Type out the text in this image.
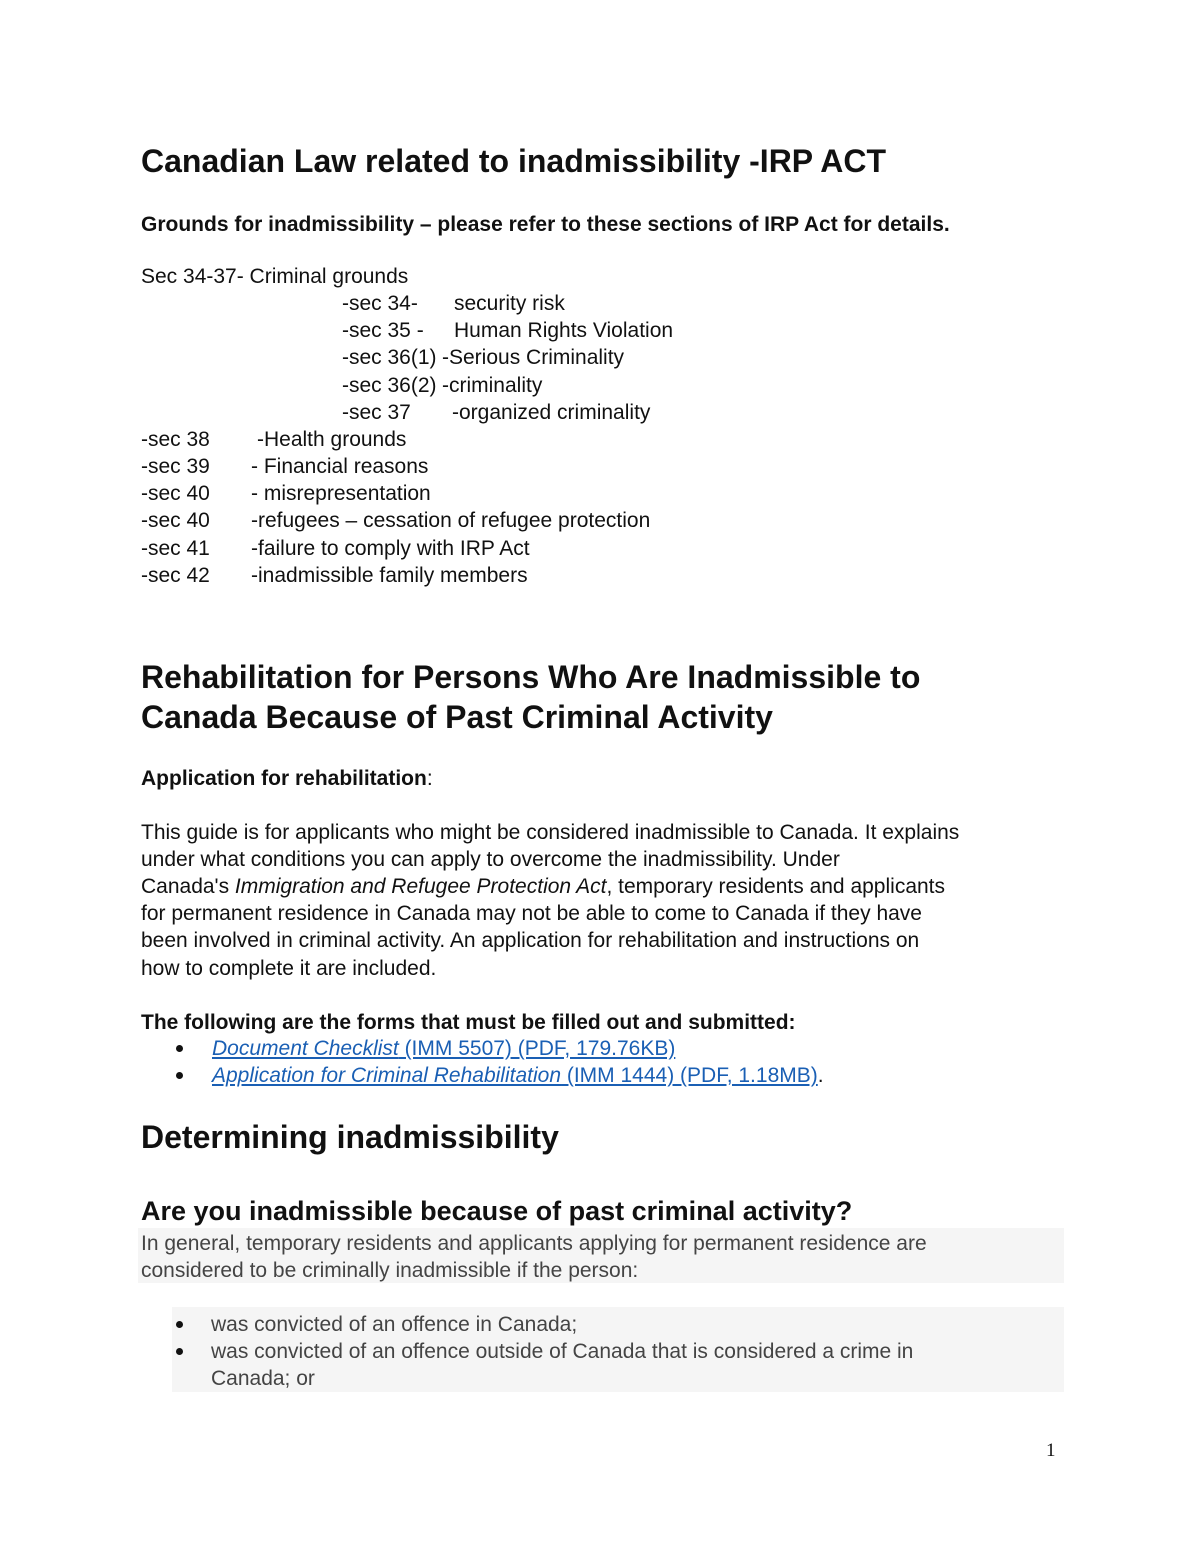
Canadian Law related to inadmissibility -IRP ACT
Grounds for inadmissibility – please refer to these sections of IRP Act for details.
Sec 34-37- Criminal grounds
-sec 34- security risk
-sec 35 - Human Rights Violation
-sec 36(1) -Serious Criminality
-sec 36(2) -criminality
-sec 37 -organized criminality
-sec 38 -Health grounds
-sec 39 - Financial reasons
-sec 40 - misrepresentation
-sec 40 -refugees – cessation of refugee protection
-sec 41 -failure to comply with IRP Act
-sec 42 -inadmissible family members
Rehabilitation for Persons Who Are Inadmissible to
Canada Because of Past Criminal Activity
Application for rehabilitation:
This guide is for applicants who might be considered inadmissible to Canada. It explains
under what conditions you can apply to overcome the inadmissibility. Under
Canada's Immigration and Refugee Protection Act, temporary residents and applicants
for permanent residence in Canada may not be able to come to Canada if they have
been involved in criminal activity. An application for rehabilitation and instructions on
how to complete it are included.
The following are the forms that must be filled out and submitted:
Document Checklist (IMM 5507) (PDF, 179.76KB)
Application for Criminal Rehabilitation (IMM 1444) (PDF, 1.18MB).
Determining inadmissibility
Are you inadmissible because of past criminal activity?
In general, temporary residents and applicants applying for permanent residence are
considered to be criminally inadmissible if the person:
was convicted of an offence in Canada;
was convicted of an offence outside of Canada that is considered a crime in
Canada; or
1
